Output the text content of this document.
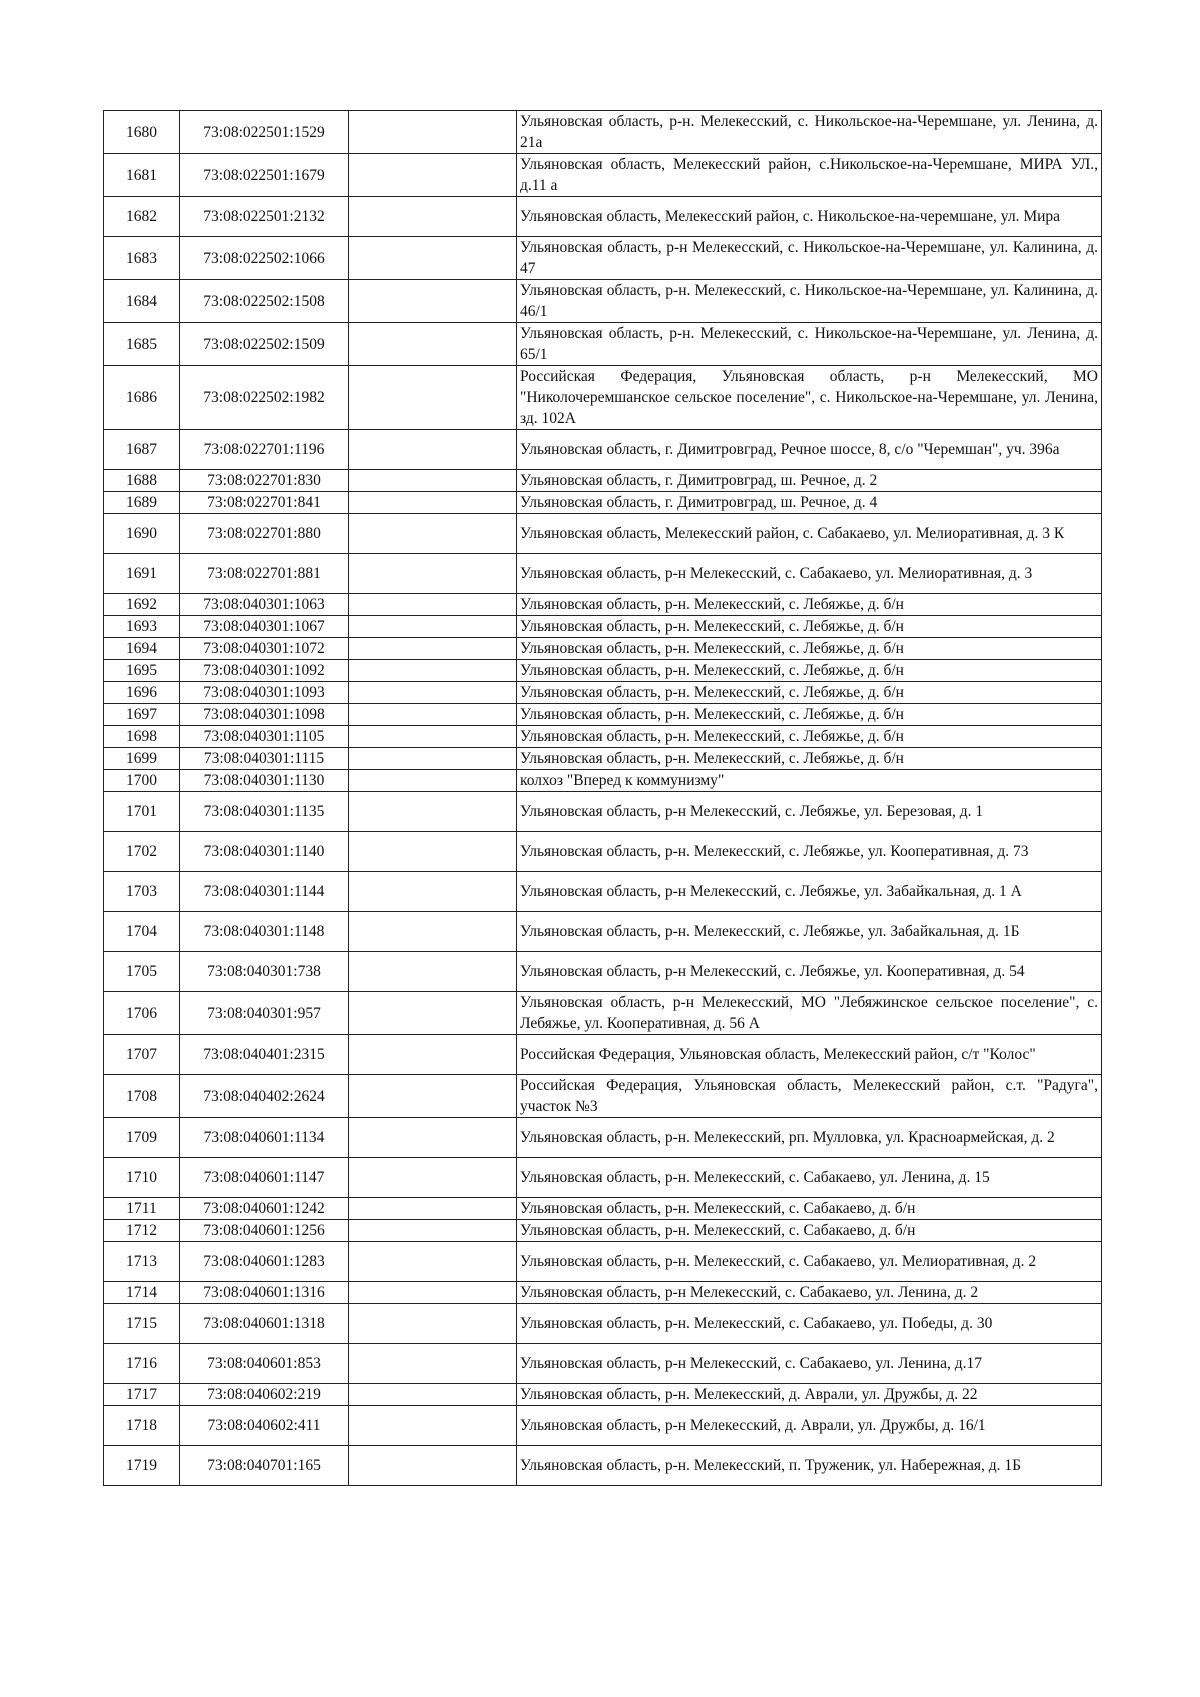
1680	73:08:022501:1529		Ульяновская область, р-н. Мелекесский, с. Никольское-на-Черемшане, ул. Ленина, д. 21а
1681	73:08:022501:1679		Ульяновская область, Мелекесский район, с.Никольское-на-Черемшане, МИРА УЛ., д.11 а
1682	73:08:022501:2132		Ульяновская область, Мелекесский район, с. Никольское-на-черемшане, ул. Мира
1683	73:08:022502:1066		Ульяновская область, р-н Мелекесский, с. Никольское-на-Черемшане, ул. Калинина, д. 47
1684	73:08:022502:1508		Ульяновская область, р-н. Мелекесский, с. Никольское-на-Черемшане, ул. Калинина, д. 46/1
1685	73:08:022502:1509		Ульяновская область, р-н. Мелекесский, с. Никольское-на-Черемшане, ул. Ленина, д. 65/1
1686	73:08:022502:1982		Российская Федерация, Ульяновская область, р-н Мелекесский, МО "Николочеремшанское сельское поселение", с. Никольское-на-Черемшане, ул. Ленина, зд. 102А
1687	73:08:022701:1196		Ульяновская область, г. Димитровград, Речное шоссе, 8, с/о "Черемшан", уч. 396а
1688	73:08:022701:830		Ульяновская область, г. Димитровград, ш. Речное, д. 2
1689	73:08:022701:841		Ульяновская область, г. Димитровград, ш. Речное, д. 4
1690	73:08:022701:880		Ульяновская область, Мелекесский район, с. Сабакаево, ул. Мелиоративная, д. 3 К
1691	73:08:022701:881		Ульяновская область, р-н Мелекесский, с. Сабакаево, ул. Мелиоративная, д. 3
1692	73:08:040301:1063		Ульяновская область, р-н. Мелекесский, с. Лебяжье, д. б/н
1693	73:08:040301:1067		Ульяновская область, р-н. Мелекесский, с. Лебяжье, д. б/н
1694	73:08:040301:1072		Ульяновская область, р-н. Мелекесский, с. Лебяжье, д. б/н
1695	73:08:040301:1092		Ульяновская область, р-н. Мелекесский, с. Лебяжье, д. б/н
1696	73:08:040301:1093		Ульяновская область, р-н. Мелекесский, с. Лебяжье, д. б/н
1697	73:08:040301:1098		Ульяновская область, р-н. Мелекесский, с. Лебяжье, д. б/н
1698	73:08:040301:1105		Ульяновская область, р-н. Мелекесский, с. Лебяжье, д. б/н
1699	73:08:040301:1115		Ульяновская область, р-н. Мелекесский, с. Лебяжье, д. б/н
1700	73:08:040301:1130		колхоз "Вперед к коммунизму"
1701	73:08:040301:1135		Ульяновская область, р-н Мелекесский, с. Лебяжье, ул. Березовая, д. 1
1702	73:08:040301:1140		Ульяновская область, р-н. Мелекесский, с. Лебяжье, ул. Кооперативная, д. 73
1703	73:08:040301:1144		Ульяновская область, р-н Мелекесский, с. Лебяжье, ул. Забайкальная, д. 1 А
1704	73:08:040301:1148		Ульяновская область, р-н. Мелекесский, с. Лебяжье, ул. Забайкальная, д. 1Б
1705	73:08:040301:738		Ульяновская область, р-н Мелекесский, с. Лебяжье, ул. Кооперативная, д. 54
1706	73:08:040301:957		Ульяновская область, р-н Мелекесский, МО "Лебяжинское сельское поселение", с. Лебяжье, ул. Кооперативная, д. 56 А
1707	73:08:040401:2315		Российская Федерация, Ульяновская область, Мелекесский район, с/т "Колос"
1708	73:08:040402:2624		Российская Федерация, Ульяновская область, Мелекесский район, с.т. "Радуга", участок №3
1709	73:08:040601:1134		Ульяновская область, р-н. Мелекесский, рп. Мулловка, ул. Красноармейская, д. 2
1710	73:08:040601:1147		Ульяновская область, р-н. Мелекесский, с. Сабакаево, ул. Ленина, д. 15
1711	73:08:040601:1242		Ульяновская область, р-н. Мелекесский, с. Сабакаево, д. б/н
1712	73:08:040601:1256		Ульяновская область, р-н. Мелекесский, с. Сабакаево, д. б/н
1713	73:08:040601:1283		Ульяновская область, р-н. Мелекесский, с. Сабакаево, ул. Мелиоративная, д. 2
1714	73:08:040601:1316		Ульяновская область, р-н Мелекесский, с. Сабакаево, ул. Ленина, д. 2
1715	73:08:040601:1318		Ульяновская область, р-н. Мелекесский, с. Сабакаево, ул. Победы, д. 30
1716	73:08:040601:853		Ульяновская область, р-н Мелекесский, с. Сабакаево, ул. Ленина, д.17
1717	73:08:040602:219		Ульяновская область, р-н. Мелекесский, д. Аврали, ул. Дружбы, д. 22
1718	73:08:040602:411		Ульяновская область, р-н Мелекесский, д. Аврали, ул. Дружбы, д. 16/1
1719	73:08:040701:165		Ульяновская область, р-н. Мелекесский, п. Труженик, ул. Набережная, д. 1Б
